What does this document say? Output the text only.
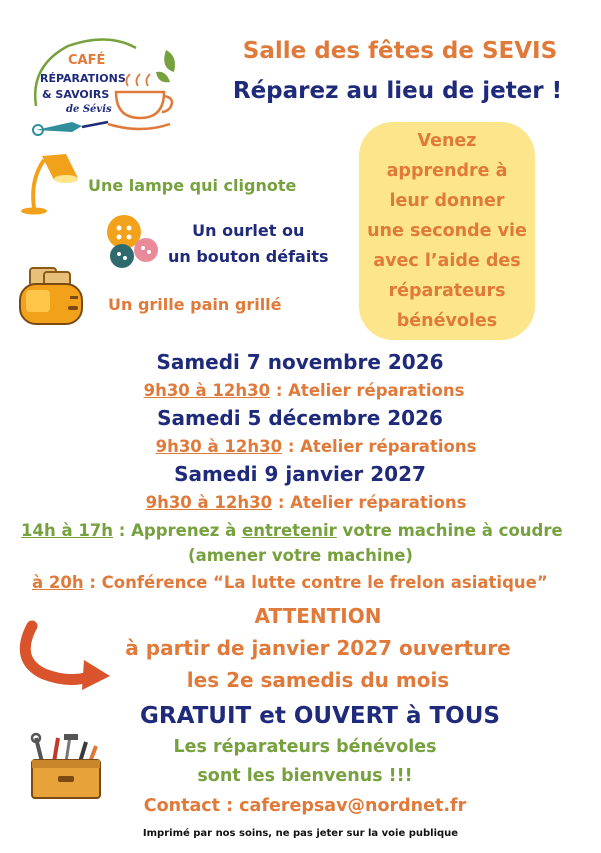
CAFÉ
RÉPARATIONS
& SAVOIRS
de Sévis
Salle des fêtes de SEVIS
Réparez au lieu de jeter !
Venez
apprendre à
leur donner
une seconde vie
avec l’aide des
réparateurs
bénévoles
Une lampe qui clignote
Un ourlet ou
un bouton défaits
Un grille pain grillé
Samedi 7 novembre 2026
9h30 à 12h30 : Atelier réparations
Samedi 5 décembre 2026
9h30 à 12h30 : Atelier réparations
Samedi 9 janvier 2027
9h30 à 12h30 : Atelier réparations
14h à 17h : Apprenez à entretenir votre machine à coudre
(amener votre machine)
à 20h : Conférence “La lutte contre le frelon asiatique”
ATTENTION
à partir de janvier 2027 ouverture
les 2e samedis du mois
GRATUIT et OUVERT à TOUS
Les réparateurs bénévoles
sont les bienvenus !!!
Contact : caferepsav@nordnet.fr
Imprimé par nos soins, ne pas jeter sur la voie publique
